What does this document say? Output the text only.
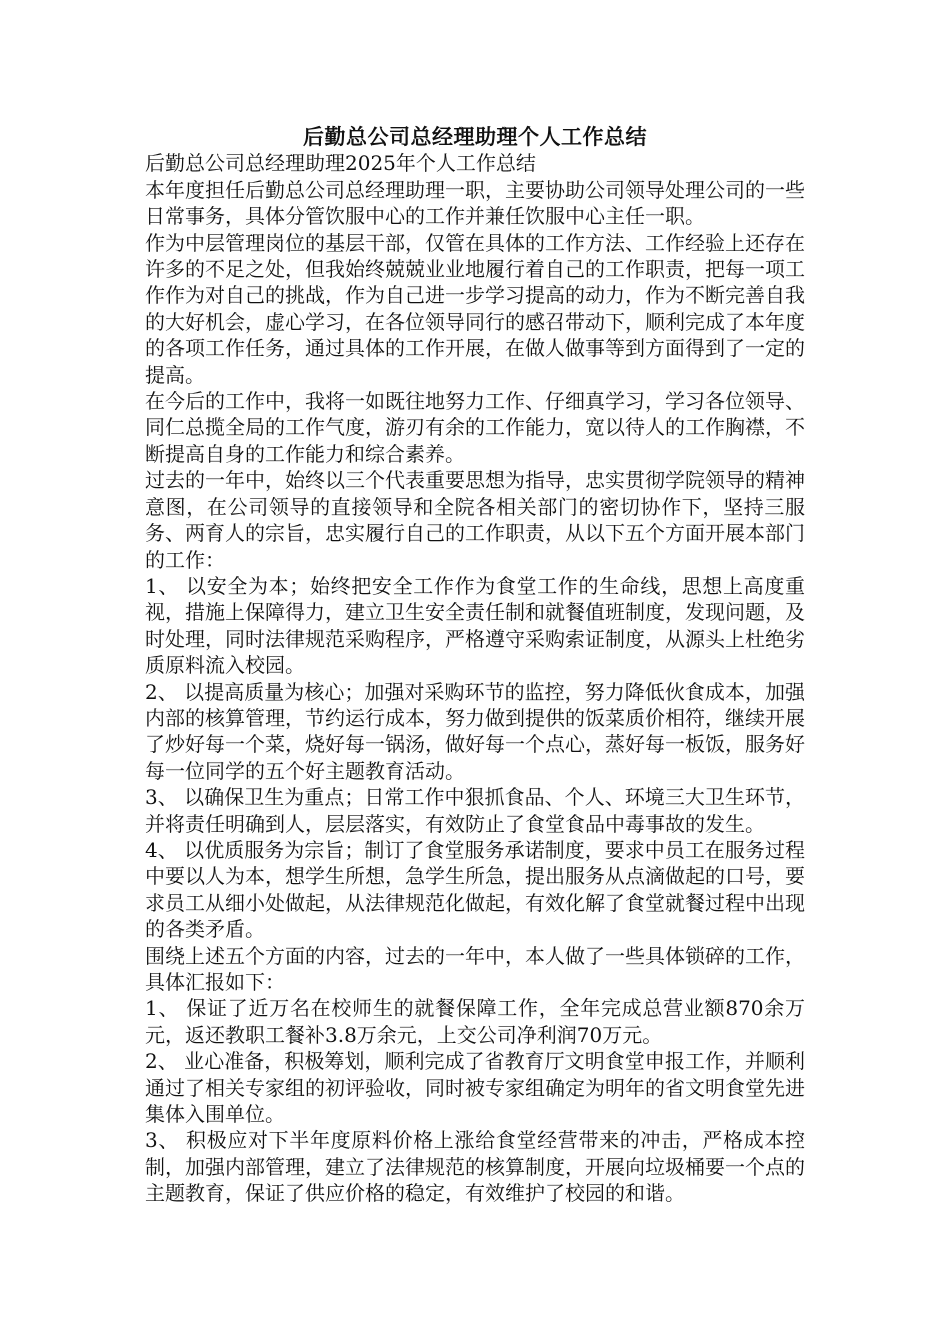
后勤总公司总经理助理个人工作总结

后勤总公司总经理助理2025年个人工作总结

本年度担任后勤总公司总经理助理一职，主要协助公司领导处理公司的一些日常事务，具体分管饮服中心的工作并兼任饮服中心主任一职。

作为中层管理岗位的基层干部，仅管在具体的工作方法、工作经验上还存在许多的不足之处，但我始终兢兢业业地履行着自己的工作职责，把每一项工作作为对自己的挑战，作为自己进一步学习提高的动力，作为不断完善自我的大好机会，虚心学习，在各位领导同行的感召带动下，顺利完成了本年度的各项工作任务，通过具体的工作开展，在做人做事等到方面得到了一定的提高。

在今后的工作中，我将一如既往地努力工作、仔细真学习，学习各位领导、同仁总揽全局的工作气度，游刃有余的工作能力，宽以待人的工作胸襟，不断提高自身的工作能力和综合素养。

过去的一年中，始终以三个代表重要思想为指导，忠实贯彻学院领导的精神意图，在公司领导的直接领导和全院各相关部门的密切协作下，坚持三服务、两育人的宗旨，忠实履行自己的工作职责，从以下五个方面开展本部门的工作：

1、 以安全为本；始终把安全工作作为食堂工作的生命线，思想上高度重视，措施上保障得力，建立卫生安全责任制和就餐值班制度，发现问题，及时处理，同时法律规范采购程序，严格遵守采购索证制度，从源头上杜绝劣质原料流入校园。

2、 以提高质量为核心；加强对采购环节的监控，努力降低伙食成本，加强内部的核算管理，节约运行成本，努力做到提供的饭菜质价相符，继续开展了炒好每一个菜，烧好每一锅汤，做好每一个点心，蒸好每一板饭，服务好每一位同学的五个好主题教育活动。

3、 以确保卫生为重点；日常工作中狠抓食品、个人、环境三大卫生环节，并将责任明确到人，层层落实，有效防止了食堂食品中毒事故的发生。

4、 以优质服务为宗旨；制订了食堂服务承诺制度，要求中员工在服务过程中要以人为本，想学生所想，急学生所急，提出服务从点滴做起的口号，要求员工从细小处做起，从法律规范化做起，有效化解了食堂就餐过程中出现的各类矛盾。

围绕上述五个方面的内容，过去的一年中，本人做了一些具体锁碎的工作，具体汇报如下：

1、 保证了近万名在校师生的就餐保障工作，全年完成总营业额870余万元，返还教职工餐补3.8万余元，上交公司净利润70万元。

2、 业心准备，积极筹划，顺利完成了省教育厅文明食堂申报工作，并顺利通过了相关专家组的初评验收，同时被专家组确定为明年的省文明食堂先进集体入围单位。

3、 积极应对下半年度原料价格上涨给食堂经营带来的冲击，严格成本控制，加强内部管理，建立了法律规范的核算制度，开展向垃圾桶要一个点的主题教育，保证了供应价格的稳定，有效维护了校园的和谐。
